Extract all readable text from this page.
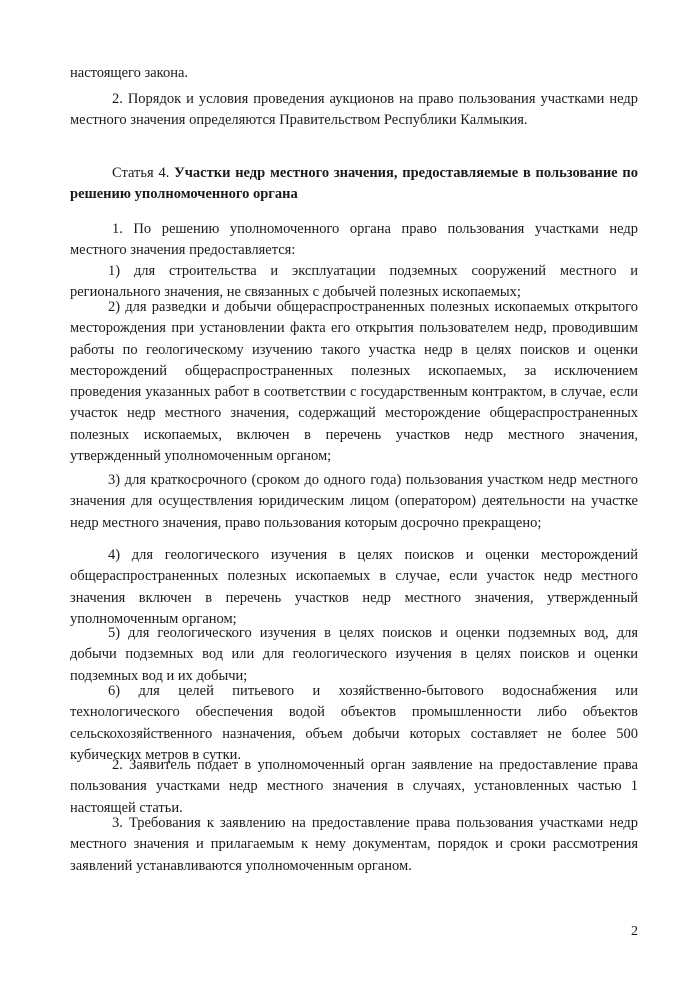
настоящего закона.

2. Порядок и условия проведения аукционов на право пользования участками недр местного значения определяются Правительством Республики Калмыкия.

Статья 4. Участки недр местного значения, предоставляемые в пользование по решению уполномоченного органа

1. По решению уполномоченного органа право пользования участками недр местного значения предоставляется:

1) для строительства и эксплуатации подземных сооружений местного и регионального значения, не связанных с добычей полезных ископаемых;

2) для разведки и добычи общераспространенных полезных ископаемых открытого месторождения при установлении факта его открытия пользователем недр, проводившим работы по геологическому изучению такого участка недр в целях поисков и оценки месторождений общераспространенных полезных ископаемых, за исключением проведения указанных работ в соответствии с государственным контрактом, в случае, если участок недр местного значения, содержащий месторождение общераспространенных полезных ископаемых, включен в перечень участков недр местного значения, утвержденный уполномоченным органом;

3) для краткосрочного (сроком до одного года) пользования участком недр местного значения для осуществления юридическим лицом (оператором) деятельности на участке недр местного значения, право пользования которым досрочно прекращено;

4) для геологического изучения в целях поисков и оценки месторождений общераспространенных полезных ископаемых в случае, если участок недр местного значения включен в перечень участков недр местного значения, утвержденный уполномоченным органом;

5) для геологического изучения в целях поисков и оценки подземных вод, для добычи подземных вод или для геологического изучения в целях поисков и оценки подземных вод и их добычи;

6) для целей питьевого и хозяйственно-бытового водоснабжения или технологического обеспечения водой объектов промышленности либо объектов сельскохозяйственного назначения, объем добычи которых составляет не более 500 кубических метров в сутки.

2. Заявитель подает в уполномоченный орган заявление на предоставление права пользования участками недр местного значения в случаях, установленных частью 1 настоящей статьи.

3. Требования к заявлению на предоставление права пользования участками недр местного значения и прилагаемым к нему документам, порядок и сроки рассмотрения заявлений устанавливаются уполномоченным органом.

2
